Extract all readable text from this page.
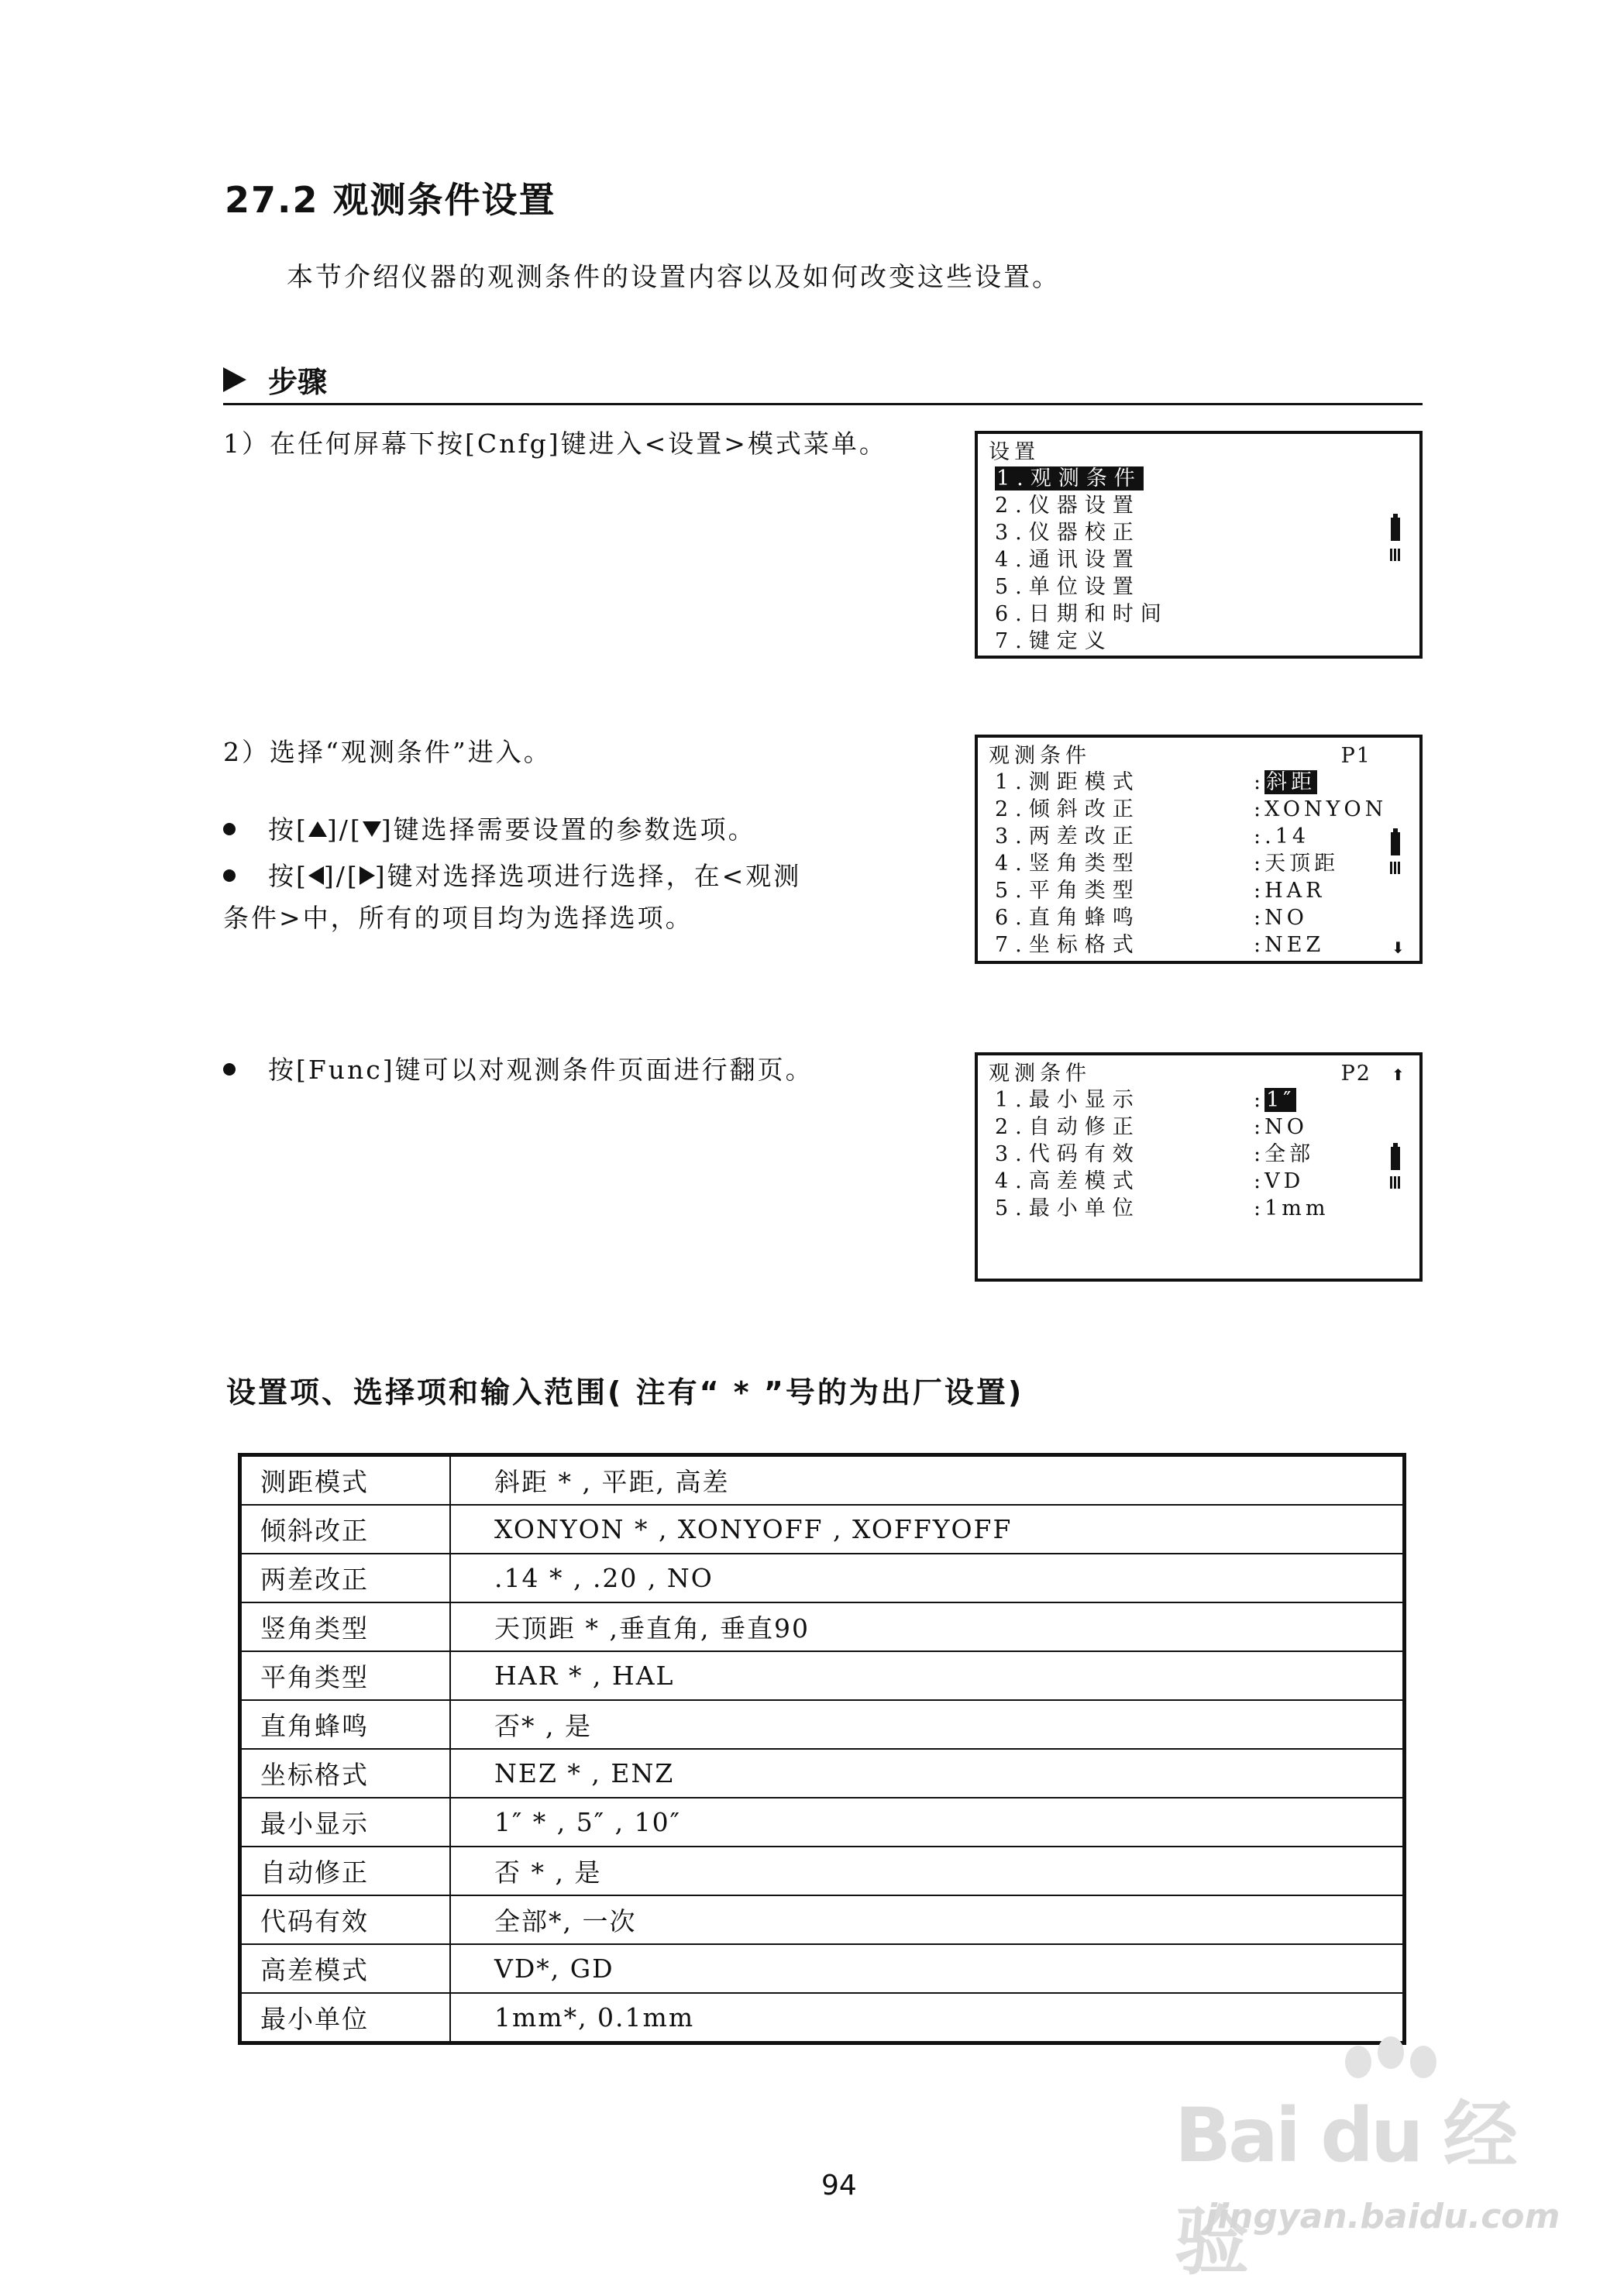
27.2 观测条件设置
本节介绍仪器的观测条件的设置内容以及如何改变这些设置。
步骤
1）在任何屏幕下按[Cnfg]键进入<设置>模式菜单。	设置
1.观测条件
2.仪器设置
3.仪器校正
4.通讯设置
5.单位设置
6.日期和时间
7.键定义
2）选择“观测条件”进入。
按[ ]/[ ]键选择需要设置的参数选项。
按[ ]/[ ]键对选择选项进行选择，在<观测
条件>中，所有的项目均为选择选项。
观测条件	P1
1.测距模式	:斜距
2.倾斜改正	:XONYON
3.两差改正	:.14
4.竖角类型	:天顶距
5.平角类型	:HAR
6.直角蜂鸣	:NO
7.坐标格式	:NEZ	⬇
按[Func]键可以对观测条件页面进行翻页。	观测条件	P2 ⬆
1.最小显示	:1″
2.自动修正	:NO
3.代码有效	:全部
4.高差模式	:VD
5.最小单位	:1mm
设置项、选择项和输入范围( 注有“ * ”号的为出厂设置)
测距模式	斜距 * , 平距, 高差
倾斜改正	XONYON * , XONYOFF , XOFFYOFF
两差改正	.14 * , .20 , NO
竖角类型	天顶距 * ,垂直角, 垂直90
平角类型	HAR * , HAL
直角蜂鸣	否* , 是
坐标格式	NEZ * , ENZ
最小显示	1″ * , 5″ , 10″
自动修正	否 * , 是
代码有效	全部*, 一次
高差模式	VD*, GD
最小单位	1mm*, 0.1mm
94
Bai du 经验
jingyan.baidu.com
